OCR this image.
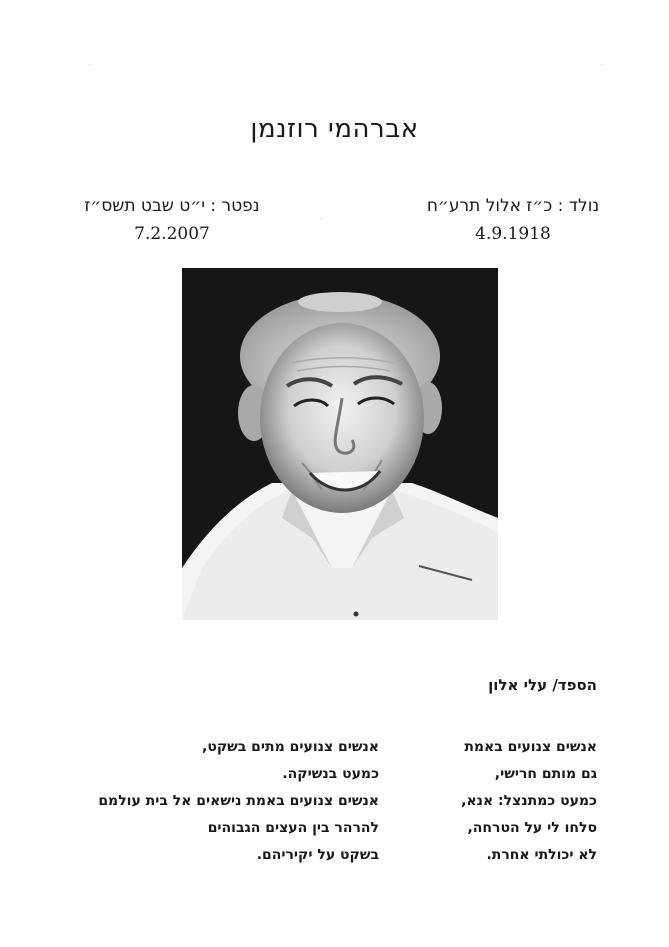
אברהמי רוזנמן
נולד : כ״ז אלול תרע״ח
4.9.1918
נפטר : י״ט שבט תשס״ז
7.2.2007
הספד/ עלי אלון
אנשים צנועים באמת
גם מותם חרישי,
כמעט כמתנצל: אנא,
סלחו לי על הטרחה,
לא יכולתי אחרת.
אנשים צנועים מתים בשקט,
כמעט בנשיקה.
אנשים צנועים באמת נישאים אל בית עולמם
להרהר בין העצים הגבוהים
בשקט על יקיריהם.
·	·
·
